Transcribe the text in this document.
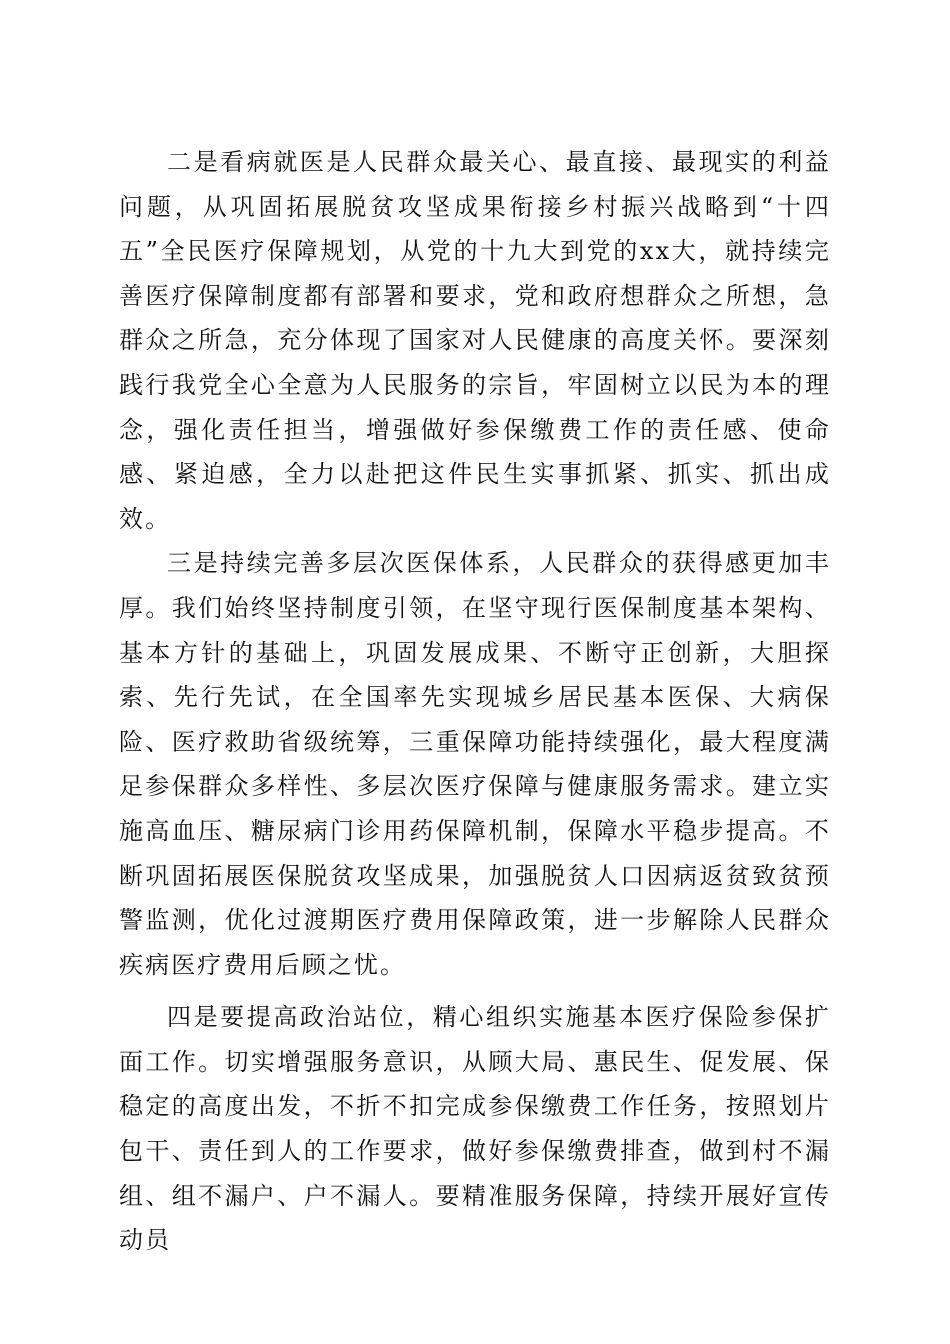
二是看病就医是人民群众最关心、最直接、最现实的利益问题，从巩固拓展脱贫攻坚成果衔接乡村振兴战略到“十四五”全民医疗保障规划，从党的十九大到党的xx大，就持续完善医疗保障制度都有部署和要求，党和政府想群众之所想，急群众之所急，充分体现了国家对人民健康的高度关怀。要深刻践行我党全心全意为人民服务的宗旨，牢固树立以民为本的理念，强化责任担当，增强做好参保缴费工作的责任感、使命感、紧迫感，全力以赴把这件民生实事抓紧、抓实、抓出成效。

三是持续完善多层次医保体系，人民群众的获得感更加丰厚。我们始终坚持制度引领，在坚守现行医保制度基本架构、基本方针的基础上，巩固发展成果、不断守正创新，大胆探索、先行先试，在全国率先实现城乡居民基本医保、大病保险、医疗救助省级统筹，三重保障功能持续强化，最大程度满足参保群众多样性、多层次医疗保障与健康服务需求。建立实施高血压、糖尿病门诊用药保障机制，保障水平稳步提高。不断巩固拓展医保脱贫攻坚成果，加强脱贫人口因病返贫致贫预警监测，优化过渡期医疗费用保障政策，进一步解除人民群众疾病医疗费用后顾之忧。

四是要提高政治站位，精心组织实施基本医疗保险参保扩面工作。切实增强服务意识，从顾大局、惠民生、促发展、保稳定的高度出发，不折不扣完成参保缴费工作任务，按照划片包干、责任到人的工作要求，做好参保缴费排查，做到村不漏组、组不漏户、户不漏人。要精准服务保障，持续开展好宣传动员
